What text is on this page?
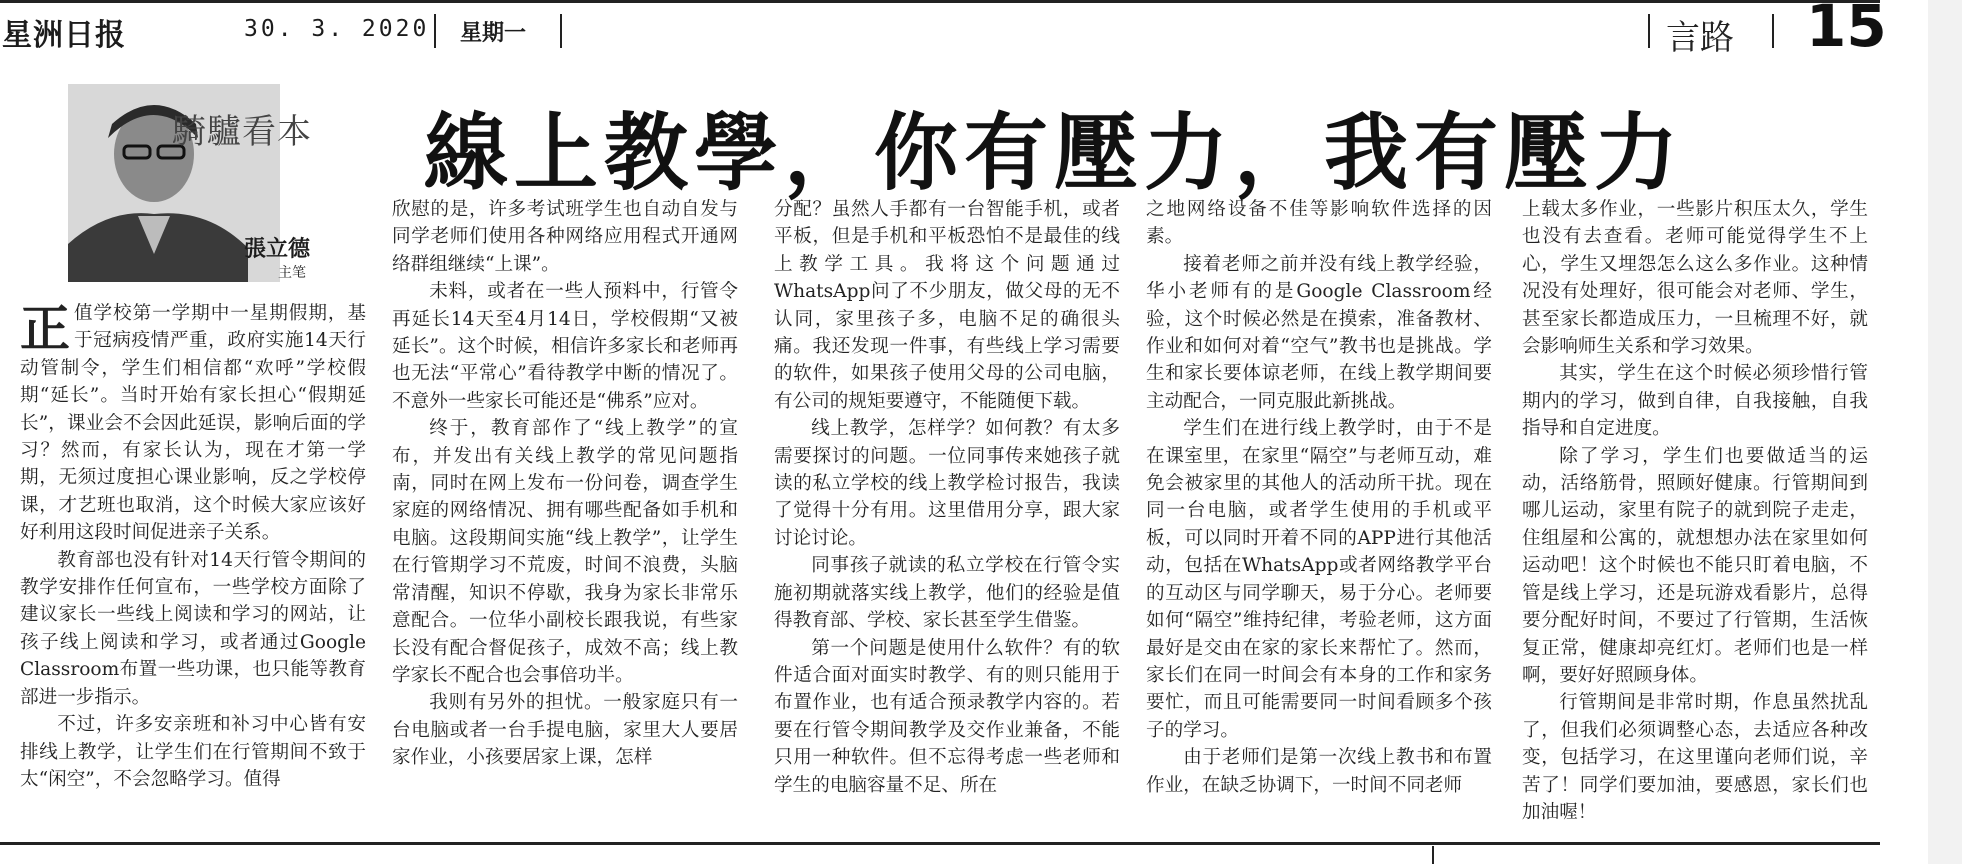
星洲日报	30. 3. 2020 星期一	言路 15
騎驢看本
張立德
主笔
線上教學，你有壓力，我有壓力

正值学校第一学期中一星期假期，基于冠病疫情严重，政府实施14天行动管制令，学生们相信都“欢呼”学校假期“延长”。当时开始有家长担心“假期延长”，课业会不会因此延误，影响后面的学习？然而，有家长认为，现在才第一学期，无须过度担心课业影响，反之学校停课，才艺班也取消，这个时候大家应该好好利用这段时间促进亲子关系。

教育部也没有针对14天行管令期间的教学安排作任何宣布，一些学校方面除了建议家长一些线上阅读和学习的网站，让孩子线上阅读和学习，或者通过Google Classroom布置一些功课，也只能等教育部进一步指示。

不过，许多安亲班和补习中心皆有安排线上教学，让学生们在行管期间不致于太“闲空”，不会忽略学习。值得

欣慰的是，许多考试班学生也自动自发与同学老师们使用各种网络应用程式开通网络群组继续“上课”。

未料，或者在一些人预料中，行管令再延长14天至4月14日，学校假期“又被延长”。这个时候，相信许多家长和老师再也无法“平常心”看待教学中断的情况了。不意外一些家长可能还是“佛系”应对。

终于，教育部作了“线上教学”的宣布，并发出有关线上教学的常见问题指南，同时在网上发布一份问卷，调查学生家庭的网络情况、拥有哪些配备如手机和电脑。这段期间实施“线上教学”，让学生在行管期学习不荒废，时间不浪费，头脑常清醒，知识不停歇，我身为家长非常乐意配合。一位华小副校长跟我说，有些家长没有配合督促孩子，成效不高；线上教学家长不配合也会事倍功半。

我则有另外的担忧。一般家庭只有一台电脑或者一台手提电脑，家里大人要居家作业，小孩要居家上课，怎样

分配？虽然人手都有一台智能手机，或者平板，但是手机和平板恐怕不是最佳的线上教学工具。我将这个问题通过WhatsApp问了不少朋友，做父母的无不认同，家里孩子多，电脑不足的确很头痛。我还发现一件事，有些线上学习需要的软件，如果孩子使用父母的公司电脑，有公司的规矩要遵守，不能随便下载。

线上教学，怎样学？如何教？有太多需要探讨的问题。一位同事传来她孩子就读的私立学校的线上教学检讨报告，我读了觉得十分有用。这里借用分享，跟大家讨论讨论。

同事孩子就读的私立学校在行管令实施初期就落实线上教学，他们的经验是值得教育部、学校、家长甚至学生借鉴。

第一个问题是使用什么软件？有的软件适合面对面实时教学、有的则只能用于布置作业，也有适合预录教学内容的。若要在行管令期间教学及交作业兼备，不能只用一种软件。但不忘得考虑一些老师和学生的电脑容量不足、所在

之地网络设备不佳等影响软件选择的因素。

接着老师之前并没有线上教学经验，华小老师有的是Google Classroom经验，这个时候必然是在摸索，准备教材、作业和如何对着“空气”教书也是挑战。学生和家长要体谅老师，在线上教学期间要主动配合，一同克服此新挑战。

学生们在进行线上教学时，由于不是在课室里，在家里“隔空”与老师互动，难免会被家里的其他人的活动所干扰。现在同一台电脑，或者学生使用的手机或平板，可以同时开着不同的APP进行其他活动，包括在WhatsApp或者网络教学平台的互动区与同学聊天，易于分心。老师要如何“隔空”维持纪律，考验老师，这方面最好是交由在家的家长来帮忙了。然而，家长们在同一时间会有本身的工作和家务要忙，而且可能需要同一时间看顾多个孩子的学习。

由于老师们是第一次线上教书和布置作业，在缺乏协调下，一时间不同老师

上载太多作业，一些影片积压太久，学生也没有去查看。老师可能觉得学生不上心，学生又埋怨怎么这么多作业。这种情况没有处理好，很可能会对老师、学生，甚至家长都造成压力，一旦梳理不好，就会影响师生关系和学习效果。

其实，学生在这个时候必须珍惜行管期内的学习，做到自律，自我接触，自我指导和自定进度。

除了学习，学生们也要做适当的运动，活络筋骨，照顾好健康。行管期间到哪儿运动，家里有院子的就到院子走走，住组屋和公寓的，就想想办法在家里如何运动吧！这个时候也不能只盯着电脑，不管是线上学习，还是玩游戏看影片，总得要分配好时间，不要过了行管期，生活恢复正常，健康却亮红灯。老师们也是一样啊，要好好照顾身体。

行管期间是非常时期，作息虽然扰乱了，但我们必须调整心态，去适应各种改变，包括学习，在这里谨向老师们说，辛苦了！同学们要加油，要感恩，家长们也加油喔！
